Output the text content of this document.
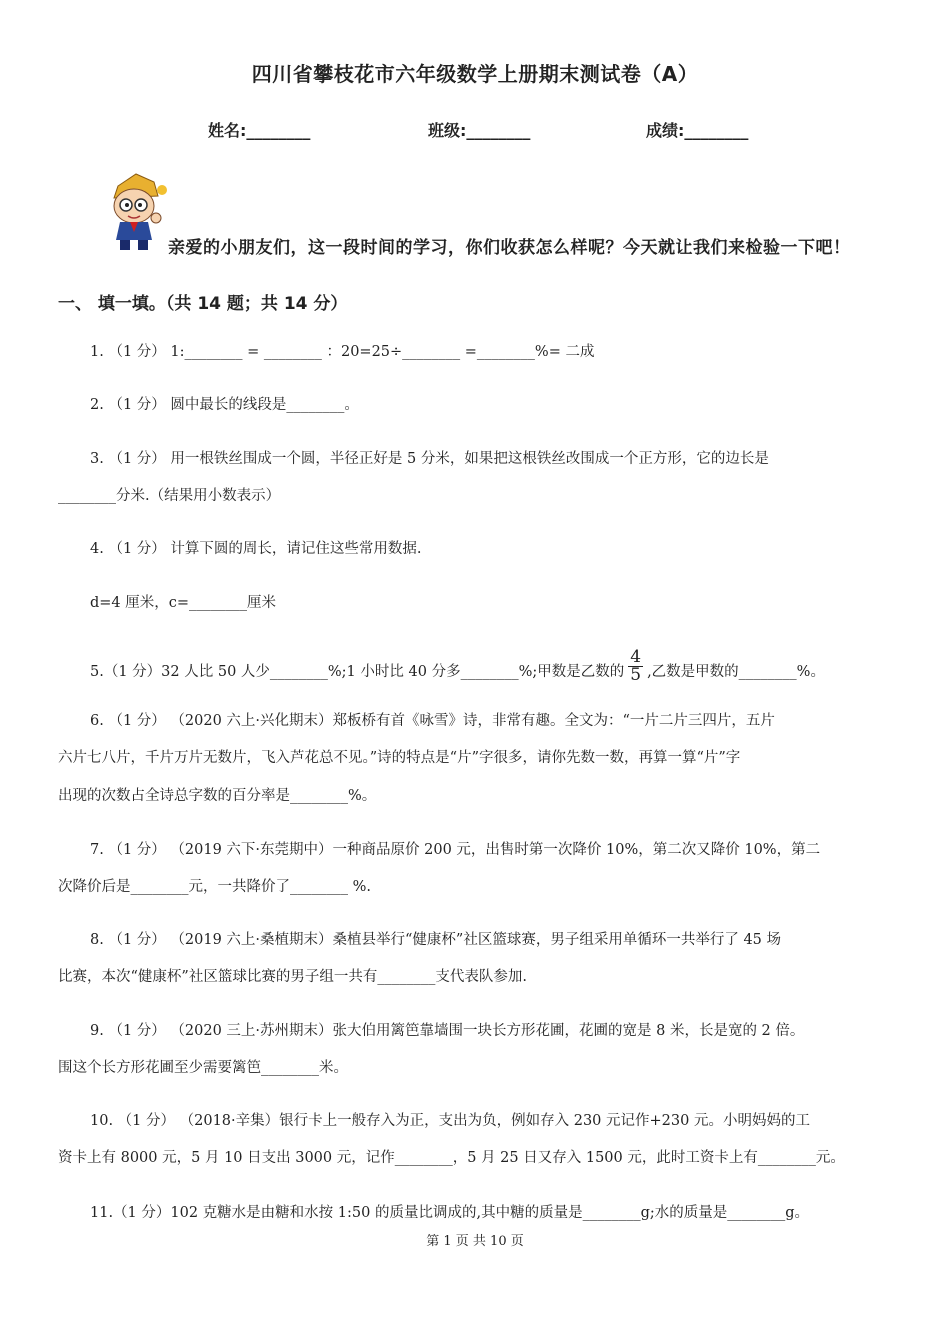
四川省攀枝花市六年级数学上册期末测试卷（A）
姓名:________	班级:________	成绩:________
亲爱的小朋友们，这一段时间的学习，你们收获怎么样呢？今天就让我们来检验一下吧！
一、 填一填。（共 14 题；共 14 分）
1. （1 分） 1:________ = ________ ：20=25÷________ =________%= 二成
2. （1 分） 圆中最长的线段是________。
3. （1 分） 用一根铁丝围成一个圆，半径正好是 5 分米，如果把这根铁丝改围成一个正方形，它的边长是
________分米.（结果用小数表示）
4. （1 分） 计算下圆的周长，请记住这些常用数据.
d=4 厘米，c=________厘米
5.（1 分）32 人比 50 人少________%;1 小时比 40 分多________%;甲数是乙数的 $\frac{4}{5}$ ,乙数是甲数的________%。
6. （1 分） （2020 六上·兴化期末）郑板桥有首《咏雪》诗，非常有趣。全文为：“一片二片三四片，五片
六片七八片，千片万片无数片，飞入芦花总不见。”诗的特点是“片”字很多，请你先数一数，再算一算“片”字
出现的次数占全诗总字数的百分率是________%。
7. （1 分） （2019 六下·东莞期中）一种商品原价 200 元，出售时第一次降价 10%，第二次又降价 10%，第二
次降价后是________元，一共降价了________ %.
8. （1 分） （2019 六上·桑植期末）桑植县举行“健康杯”社区篮球赛，男子组采用单循环一共举行了 45 场
比赛，本次“健康杯”社区篮球比赛的男子组一共有________支代表队参加.
9. （1 分） （2020 三上·苏州期末）张大伯用篱笆靠墙围一块长方形花圃，花圃的宽是 8 米，长是宽的 2 倍。
围这个长方形花圃至少需要篱笆________米。
10. （1 分） （2018·辛集）银行卡上一般存入为正，支出为负，例如存入 230 元记作+230 元。小明妈妈的工
资卡上有 8000 元，5 月 10 日支出 3000 元，记作________，5 月 25 日又存入 1500 元，此时工资卡上有________元。
11.（1 分）102 克糖水是由糖和水按 1:50 的质量比调成的,其中糖的质量是________g;水的质量是________g。
第 1 页 共 10 页
